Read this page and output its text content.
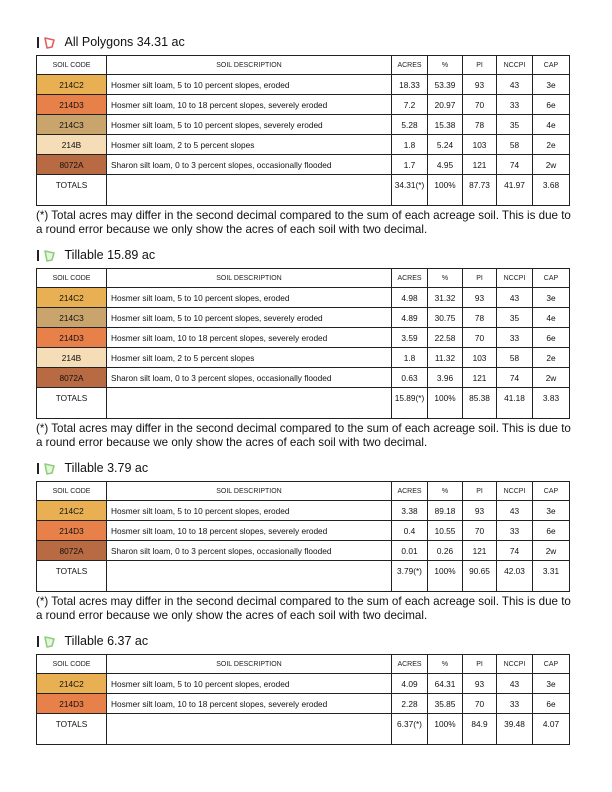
All Polygons 34.31 ac
SOIL CODE	SOIL DESCRIPTION	ACRES	%	PI	NCCPI	CAP
214C2	Hosmer silt loam, 5 to 10 percent slopes, eroded	18.33	53.39	93	43	3e
214D3	Hosmer silt loam, 10 to 18 percent slopes, severely eroded	7.2	20.97	70	33	6e
214C3	Hosmer silt loam, 5 to 10 percent slopes, severely eroded	5.28	15.38	78	35	4e
214B	Hosmer silt loam, 2 to 5 percent slopes	1.8	5.24	103	58	2e
8072A	Sharon silt loam, 0 to 3 percent slopes, occasionally flooded	1.7	4.95	121	74	2w
TOTALS		34.31(*)	100%	87.73	41.97	3.68
(*) Total acres may differ in the second decimal compared to the sum of each acreage soil. This is due to a round error because we only show the acres of each soil with two decimal.
Tillable 15.89 ac
SOIL CODE	SOIL DESCRIPTION	ACRES	%	PI	NCCPI	CAP
214C2	Hosmer silt loam, 5 to 10 percent slopes, eroded	4.98	31.32	93	43	3e
214C3	Hosmer silt loam, 5 to 10 percent slopes, severely eroded	4.89	30.75	78	35	4e
214D3	Hosmer silt loam, 10 to 18 percent slopes, severely eroded	3.59	22.58	70	33	6e
214B	Hosmer silt loam, 2 to 5 percent slopes	1.8	11.32	103	58	2e
8072A	Sharon silt loam, 0 to 3 percent slopes, occasionally flooded	0.63	3.96	121	74	2w
TOTALS		15.89(*)	100%	85.38	41.18	3.83
(*) Total acres may differ in the second decimal compared to the sum of each acreage soil. This is due to a round error because we only show the acres of each soil with two decimal.
Tillable 3.79 ac
SOIL CODE	SOIL DESCRIPTION	ACRES	%	PI	NCCPI	CAP
214C2	Hosmer silt loam, 5 to 10 percent slopes, eroded	3.38	89.18	93	43	3e
214D3	Hosmer silt loam, 10 to 18 percent slopes, severely eroded	0.4	10.55	70	33	6e
8072A	Sharon silt loam, 0 to 3 percent slopes, occasionally flooded	0.01	0.26	121	74	2w
TOTALS		3.79(*)	100%	90.65	42.03	3.31
(*) Total acres may differ in the second decimal compared to the sum of each acreage soil. This is due to a round error because we only show the acres of each soil with two decimal.
Tillable 6.37 ac
SOIL CODE	SOIL DESCRIPTION	ACRES	%	PI	NCCPI	CAP
214C2	Hosmer silt loam, 5 to 10 percent slopes, eroded	4.09	64.31	93	43	3e
214D3	Hosmer silt loam, 10 to 18 percent slopes, severely eroded	2.28	35.85	70	33	6e
TOTALS		6.37(*)	100%	84.9	39.48	4.07
